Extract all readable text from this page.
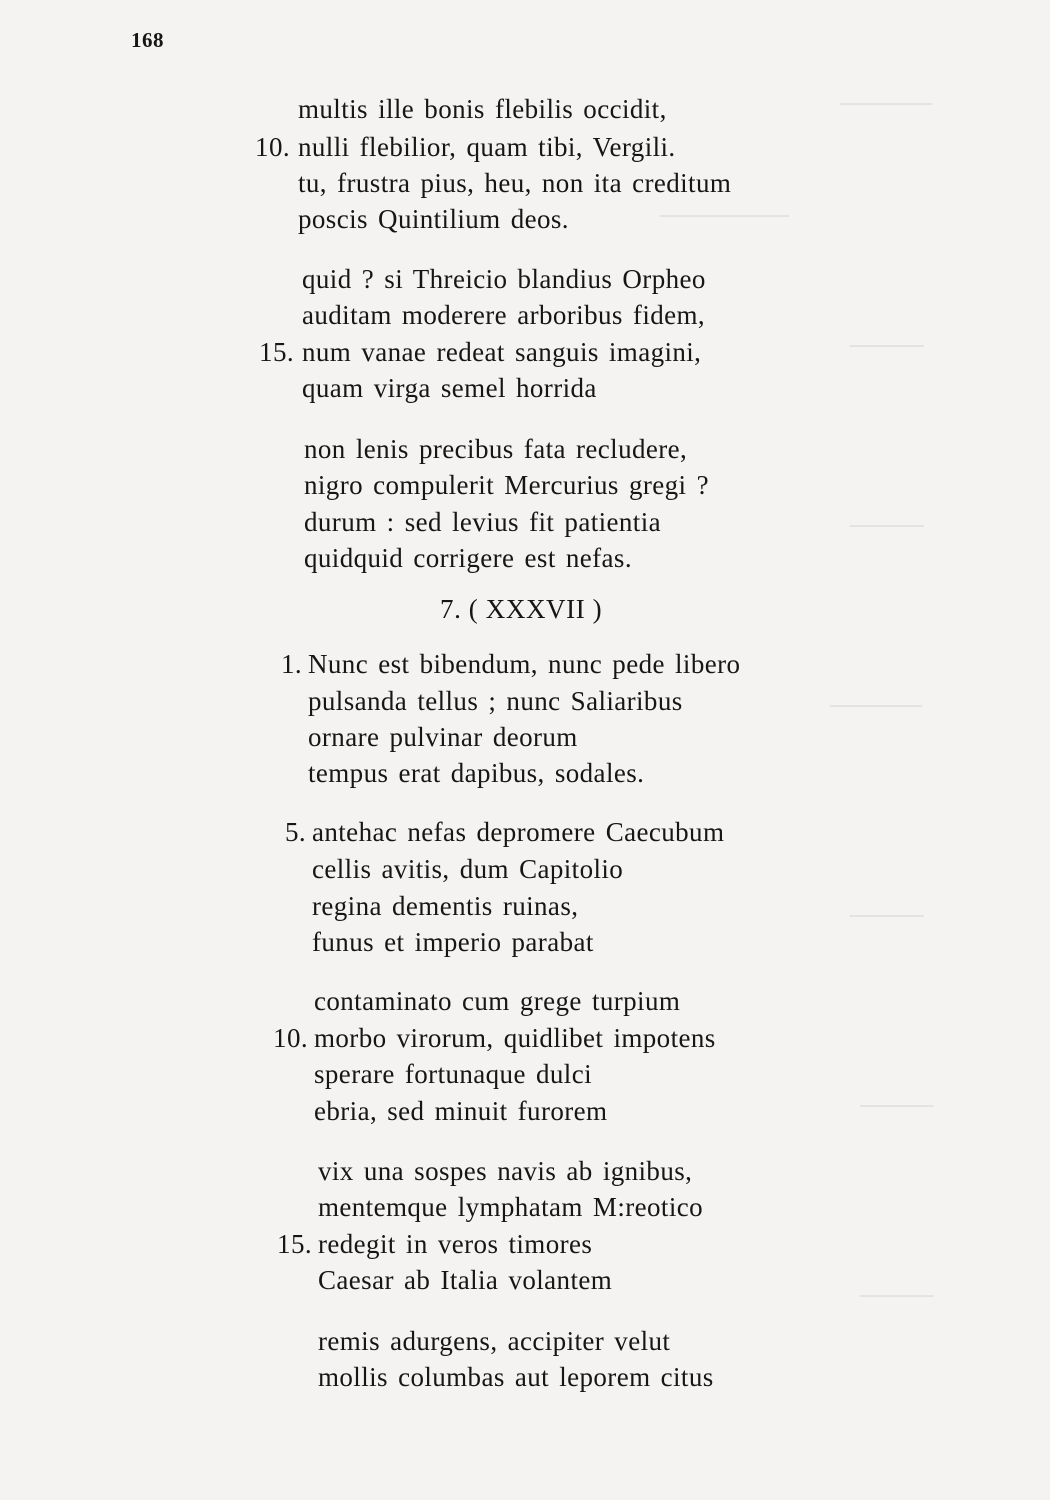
─────
───────
────
────
─────
────
────
────
168
multis ille bonis flebilis occidit,
10. nulli flebilior, quam tibi, Vergili.
tu, frustra pius, heu, non ita creditum
poscis Quintilium deos.
quid ? si Threicio blandius Orpheo
auditam moderere arboribus fidem,
15. num vanae redeat sanguis imagini,
quam virga semel horrida
non lenis precibus fata recludere,
nigro compulerit Mercurius gregi ?
durum : sed levius fit patientia
quidquid corrigere est nefas.
7. ( XXXVII )
1. Nunc est bibendum, nunc pede libero
pulsanda tellus ; nunc Saliaribus
ornare pulvinar deorum
tempus erat dapibus, sodales.
5. antehac nefas depromere Caecubum
cellis avitis, dum Capitolio
regina dementis ruinas,
funus et imperio parabat
contaminato cum grege turpium
10. morbo virorum, quidlibet impotens
sperare fortunaque dulci
ebria, sed minuit furorem
vix una sospes navis ab ignibus,
mentemque lymphatam M:reotico
15. redegit in veros timores
Caesar ab Italia volantem
remis adurgens, accipiter velut
mollis columbas aut leporem citus
